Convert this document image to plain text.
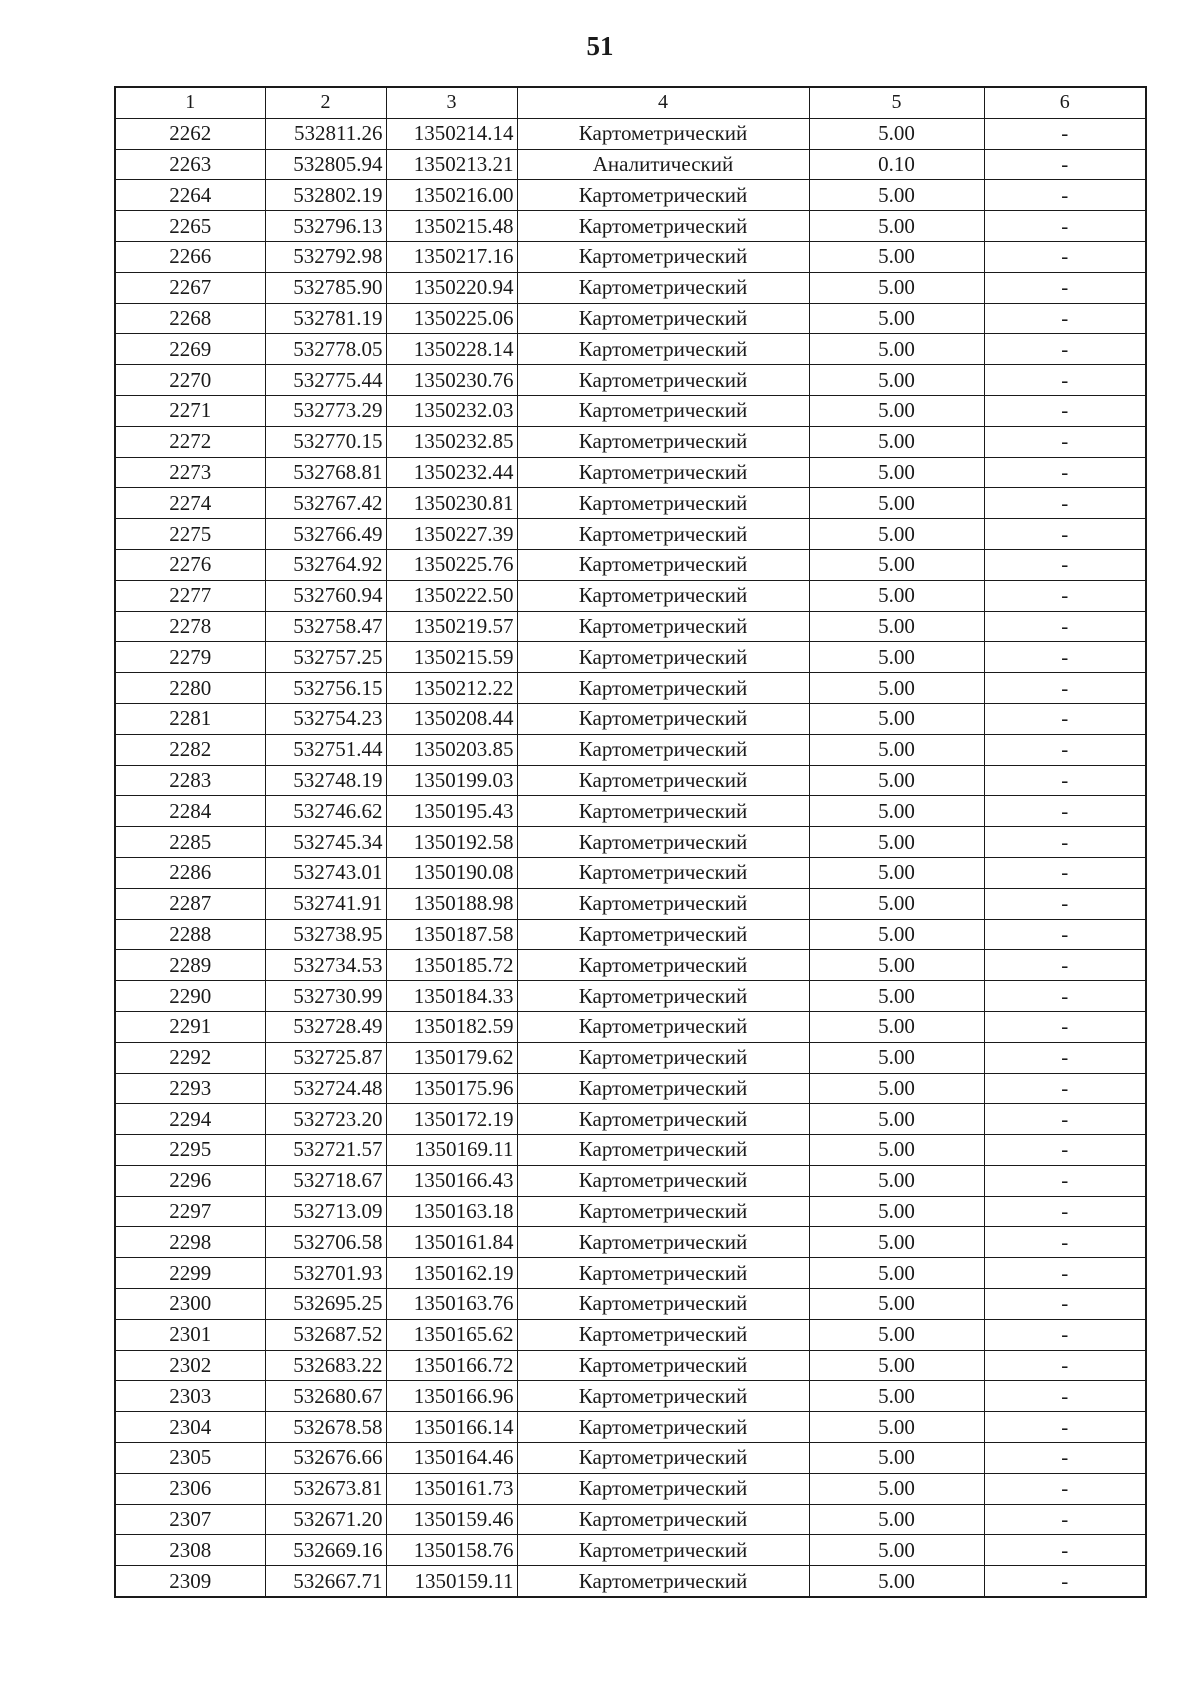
51
1	2	3	4	5	6
2262	532811.26	1350214.14	Картометрический	5.00	-
2263	532805.94	1350213.21	Аналитический	0.10	-
2264	532802.19	1350216.00	Картометрический	5.00	-
2265	532796.13	1350215.48	Картометрический	5.00	-
2266	532792.98	1350217.16	Картометрический	5.00	-
2267	532785.90	1350220.94	Картометрический	5.00	-
2268	532781.19	1350225.06	Картометрический	5.00	-
2269	532778.05	1350228.14	Картометрический	5.00	-
2270	532775.44	1350230.76	Картометрический	5.00	-
2271	532773.29	1350232.03	Картометрический	5.00	-
2272	532770.15	1350232.85	Картометрический	5.00	-
2273	532768.81	1350232.44	Картометрический	5.00	-
2274	532767.42	1350230.81	Картометрический	5.00	-
2275	532766.49	1350227.39	Картометрический	5.00	-
2276	532764.92	1350225.76	Картометрический	5.00	-
2277	532760.94	1350222.50	Картометрический	5.00	-
2278	532758.47	1350219.57	Картометрический	5.00	-
2279	532757.25	1350215.59	Картометрический	5.00	-
2280	532756.15	1350212.22	Картометрический	5.00	-
2281	532754.23	1350208.44	Картометрический	5.00	-
2282	532751.44	1350203.85	Картометрический	5.00	-
2283	532748.19	1350199.03	Картометрический	5.00	-
2284	532746.62	1350195.43	Картометрический	5.00	-
2285	532745.34	1350192.58	Картометрический	5.00	-
2286	532743.01	1350190.08	Картометрический	5.00	-
2287	532741.91	1350188.98	Картометрический	5.00	-
2288	532738.95	1350187.58	Картометрический	5.00	-
2289	532734.53	1350185.72	Картометрический	5.00	-
2290	532730.99	1350184.33	Картометрический	5.00	-
2291	532728.49	1350182.59	Картометрический	5.00	-
2292	532725.87	1350179.62	Картометрический	5.00	-
2293	532724.48	1350175.96	Картометрический	5.00	-
2294	532723.20	1350172.19	Картометрический	5.00	-
2295	532721.57	1350169.11	Картометрический	5.00	-
2296	532718.67	1350166.43	Картометрический	5.00	-
2297	532713.09	1350163.18	Картометрический	5.00	-
2298	532706.58	1350161.84	Картометрический	5.00	-
2299	532701.93	1350162.19	Картометрический	5.00	-
2300	532695.25	1350163.76	Картометрический	5.00	-
2301	532687.52	1350165.62	Картометрический	5.00	-
2302	532683.22	1350166.72	Картометрический	5.00	-
2303	532680.67	1350166.96	Картометрический	5.00	-
2304	532678.58	1350166.14	Картометрический	5.00	-
2305	532676.66	1350164.46	Картометрический	5.00	-
2306	532673.81	1350161.73	Картометрический	5.00	-
2307	532671.20	1350159.46	Картометрический	5.00	-
2308	532669.16	1350158.76	Картометрический	5.00	-
2309	532667.71	1350159.11	Картометрический	5.00	-
